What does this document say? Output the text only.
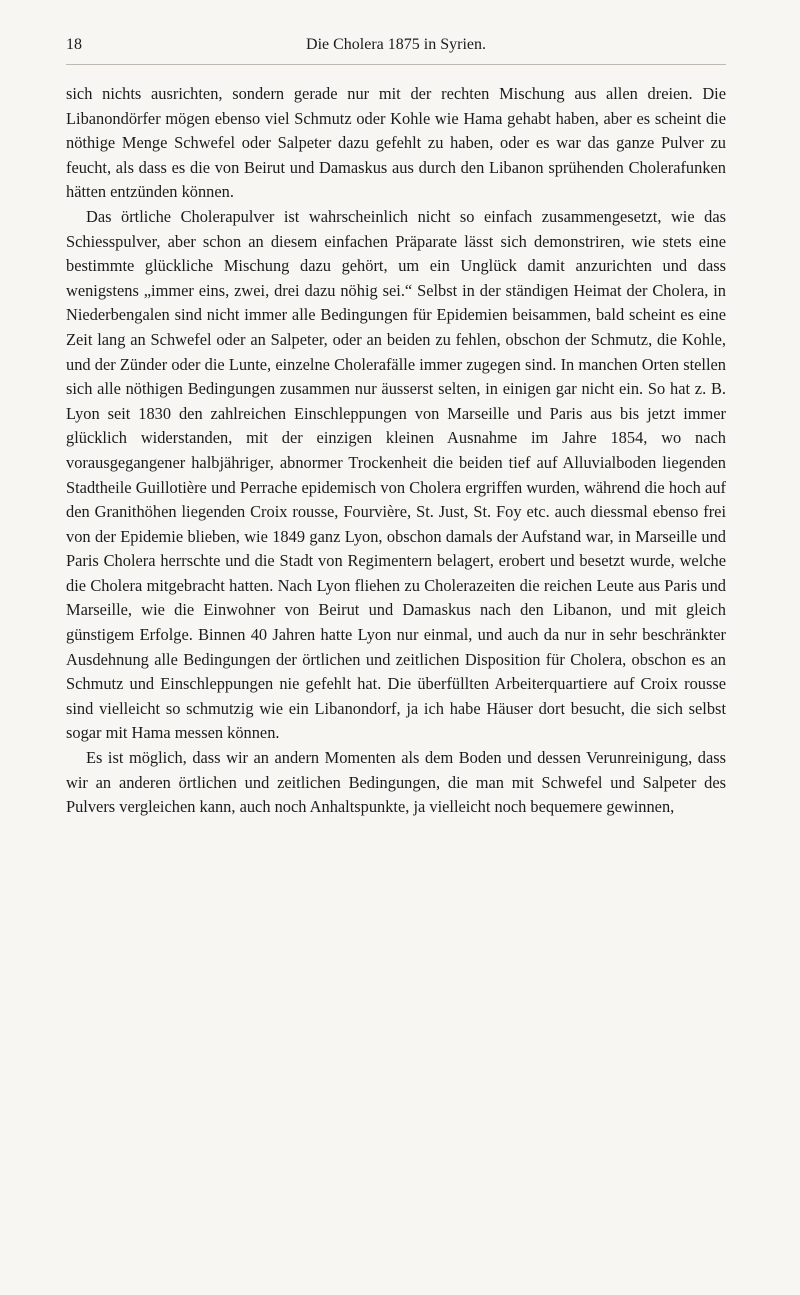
18	Die Cholera 1875 in Syrien.

sich nichts ausrichten, sondern gerade nur mit der rechten Mischung aus allen dreien. Die Libanondörfer mögen ebenso viel Schmutz oder Kohle wie Hama gehabt haben, aber es scheint die nöthige Menge Schwefel oder Salpeter dazu gefehlt zu haben, oder es war das ganze Pulver zu feucht, als dass es die von Beirut und Damaskus aus durch den Libanon sprühenden Cholerafunken hätten entzünden können.

Das örtliche Cholerapulver ist wahrscheinlich nicht so einfach zusammengesetzt, wie das Schiesspulver, aber schon an diesem einfachen Präparate lässt sich demonstriren, wie stets eine bestimmte glückliche Mischung dazu gehört, um ein Unglück damit anzurichten und dass wenigstens „immer eins, zwei, drei dazu nöhig sei.“ Selbst in der ständigen Heimat der Cholera, in Niederbengalen sind nicht immer alle Bedingungen für Epidemien beisammen, bald scheint es eine Zeit lang an Schwefel oder an Salpeter, oder an beiden zu fehlen, obschon der Schmutz, die Kohle, und der Zünder oder die Lunte, einzelne Cholerafälle immer zugegen sind. In manchen Orten stellen sich alle nöthigen Bedingungen zusammen nur äusserst selten, in einigen gar nicht ein. So hat z. B. Lyon seit 1830 den zahlreichen Einschleppungen von Marseille und Paris aus bis jetzt immer glücklich widerstanden, mit der einzigen kleinen Ausnahme im Jahre 1854, wo nach vorausgegangener halbjähriger, abnormer Trockenheit die beiden tief auf Alluvialboden liegenden Stadtheile Guillotière und Perrache epidemisch von Cholera ergriffen wurden, während die hoch auf den Granithöhen liegenden Croix rousse, Fourvière, St. Just, St. Foy etc. auch diessmal ebenso frei von der Epidemie blieben, wie 1849 ganz Lyon, obschon damals der Aufstand war, in Marseille und Paris Cholera herrschte und die Stadt von Regimentern belagert, erobert und besetzt wurde, welche die Cholera mitgebracht hatten. Nach Lyon fliehen zu Cholerazeiten die reichen Leute aus Paris und Marseille, wie die Einwohner von Beirut und Damaskus nach den Libanon, und mit gleich günstigem Erfolge. Binnen 40 Jahren hatte Lyon nur einmal, und auch da nur in sehr beschränkter Ausdehnung alle Bedingungen der örtlichen und zeitlichen Disposition für Cholera, obschon es an Schmutz und Einschleppungen nie gefehlt hat. Die überfüllten Arbeiterquartiere auf Croix rousse sind vielleicht so schmutzig wie ein Libanondorf, ja ich habe Häuser dort besucht, die sich selbst sogar mit Hama messen können.

Es ist möglich, dass wir an andern Momenten als dem Boden und dessen Verunreinigung, dass wir an anderen örtlichen und zeitlichen Bedingungen, die man mit Schwefel und Salpeter des Pulvers vergleichen kann, auch noch Anhaltspunkte, ja vielleicht noch bequemere gewinnen,
